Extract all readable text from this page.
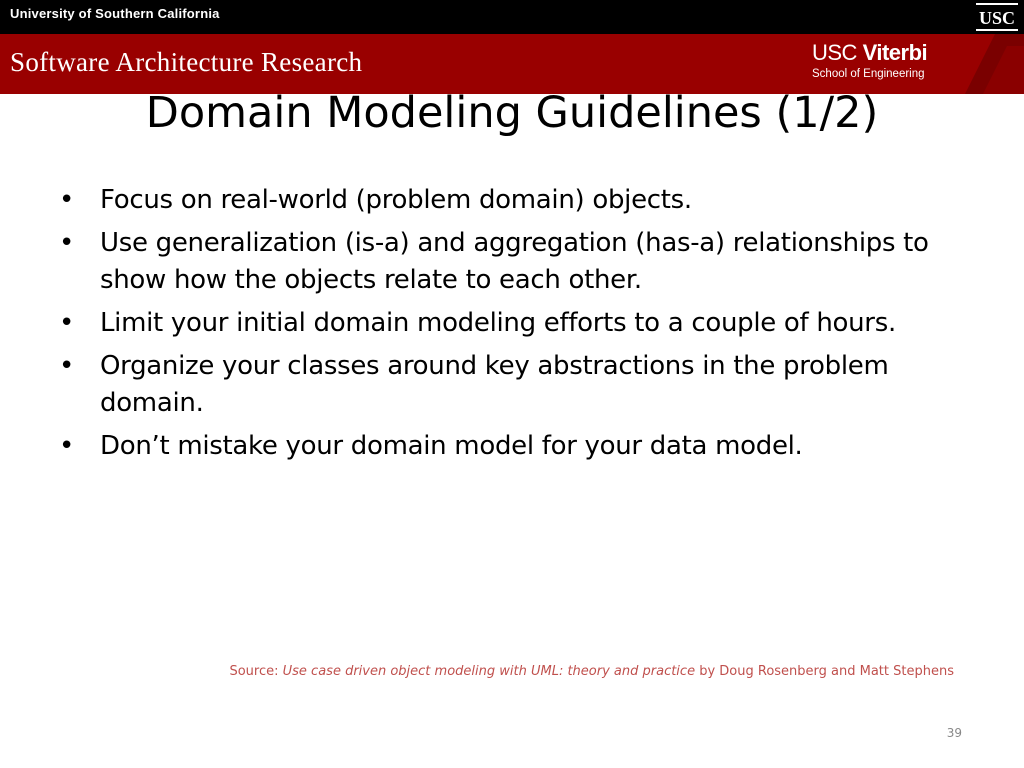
University of Southern California	USC
Software Architecture Research	USC Viterbi
School of Engineering
Domain Modeling Guidelines (1/2)
• Focus on real-world (problem domain) objects.
• Use generalization (is-a) and aggregation (has-a) relationships to show how the objects relate to each other.
• Limit your initial domain modeling efforts to a couple of hours.
• Organize your classes around key abstractions in the problem domain.
• Don’t mistake your domain model for your data model.
Source: Use case driven object modeling with UML: theory and practice by Doug Rosenberg and Matt Stephens
39
